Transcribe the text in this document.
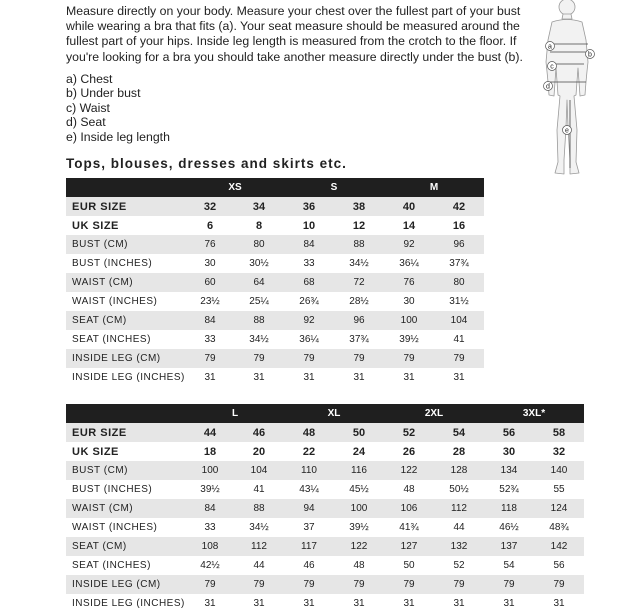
Measure directly on your body. Measure your chest over the fullest part of your bust while wearing a bra that fits (a). Your seat measure should be measured around the fullest part of your hips. Inside leg length is measured from the crotch to the floor. If you're looking for a bra you should take another measure directly under the bust (b).

a) Chest
b) Under bust
c) Waist
d) Seat
e) Inside leg length
a
b
c
d
e
Tops, blouses, dresses and skirts etc.
	XS		S		M	
EUR SIZE	32	34	36	38	40	42
UK SIZE	6	8	10	12	14	16
BUST (CM)	76	80	84	88	92	96
BUST (INCHES)	30	30½	33	34½	36¼	37¾
WAIST (CM)	60	64	68	72	76	80
WAIST (INCHES)	23½	25¼	26¾	28½	30	31½
SEAT (CM)	84	88	92	96	100	104
SEAT (INCHES)	33	34½	36¼	37¾	39½	41
INSIDE LEG (CM)	79	79	79	79	79	79
INSIDE LEG (INCHES)	31	31	31	31	31	31
	L		XL		2XL		3XL*	
EUR SIZE	44	46	48	50	52	54	56	58
UK SIZE	18	20	22	24	26	28	30	32
BUST (CM)	100	104	110	116	122	128	134	140
BUST (INCHES)	39½	41	43¼	45½	48	50½	52¾	55
WAIST (CM)	84	88	94	100	106	112	118	124
WAIST (INCHES)	33	34½	37	39½	41¾	44	46½	48¾
SEAT (CM)	108	112	117	122	127	132	137	142
SEAT (INCHES)	42½	44	46	48	50	52	54	56
INSIDE LEG (CM)	79	79	79	79	79	79	79	79
INSIDE LEG (INCHES)	31	31	31	31	31	31	31	31
